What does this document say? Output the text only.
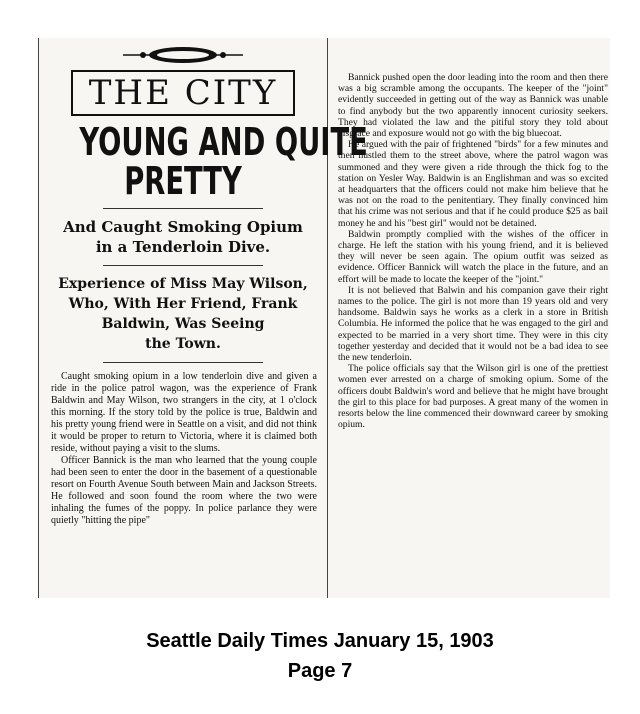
THE CITY
YOUNG AND QUITE
PRETTY
And Caught Smoking Opium
in a Tenderloin Dive.
Experience of Miss May Wilson,
Who, With Her Friend, Frank
Baldwin, Was Seeing
the Town.

Caught smoking opium in a low tenderloin dive and given a ride in the police patrol wagon, was the experience of Frank Baldwin and May Wilson, two strangers in the city, at 1 o'clock this morning. If the story told by the police is true, Baldwin and his pretty young friend were in Seattle on a visit, and did not think it would be proper to return to Victoria, where it is claimed both reside, without paying a visit to the slums.

Officer Bannick is the man who learned that the young couple had been seen to enter the door in the basement of a questionable resort on Fourth Avenue South between Main and Jackson Streets. He followed and soon found the room where the two were inhaling the fumes of the poppy. In police parlance they were quietly "hitting the pipe"

Bannick pushed open the door leading into the room and then there was a big scramble among the occupants. The keeper of the "joint" evidently succeeded in getting out of the way as Bannick was unable to find anybody but the two apparently innocent curiosity seekers. They had violated the law and the pitiful story they told about disgrace and exposure would not go with the big bluecoat.

He argued with the pair of frightened "birds" for a few minutes and then hustled them to the street above, where the patrol wagon was summoned and they were given a ride through the thick fog to the station on Yesler Way. Baldwin is an Englishman and was so excited at headquarters that the officers could not make him believe that he was not on the road to the penitentiary. They finally convinced him that his crime was not serious and that if he could produce $25 as bail money he and his "best girl" would not be detained.

Baldwin promptly complied with the wishes of the officer in charge. He left the station with his young friend, and it is believed they will never be seen again. The opium outfit was seized as evidence. Officer Bannick will watch the place in the future, and an effort will be made to locate the keeper of the "joint."

It is not believed that Balwin and his companion gave their right names to the police. The girl is not more than 19 years old and very handsome. Baldwin says he works as a clerk in a store in British Columbia. He informed the police that he was engaged to the girl and expected to be married in a very short time. They were in this city together yesterday and decided that it would not be a bad idea to see the new tenderloin.

The police officials say that the Wilson girl is one of the prettiest women ever arrested on a charge of smoking opium. Some of the officers doubt Baldwin's word and believe that he might have brought the girl to this place for bad purposes. A great many of the women in resorts below the line commenced their downward career by smoking opium.

Seattle Daily Times January 15, 1903
Page 7
